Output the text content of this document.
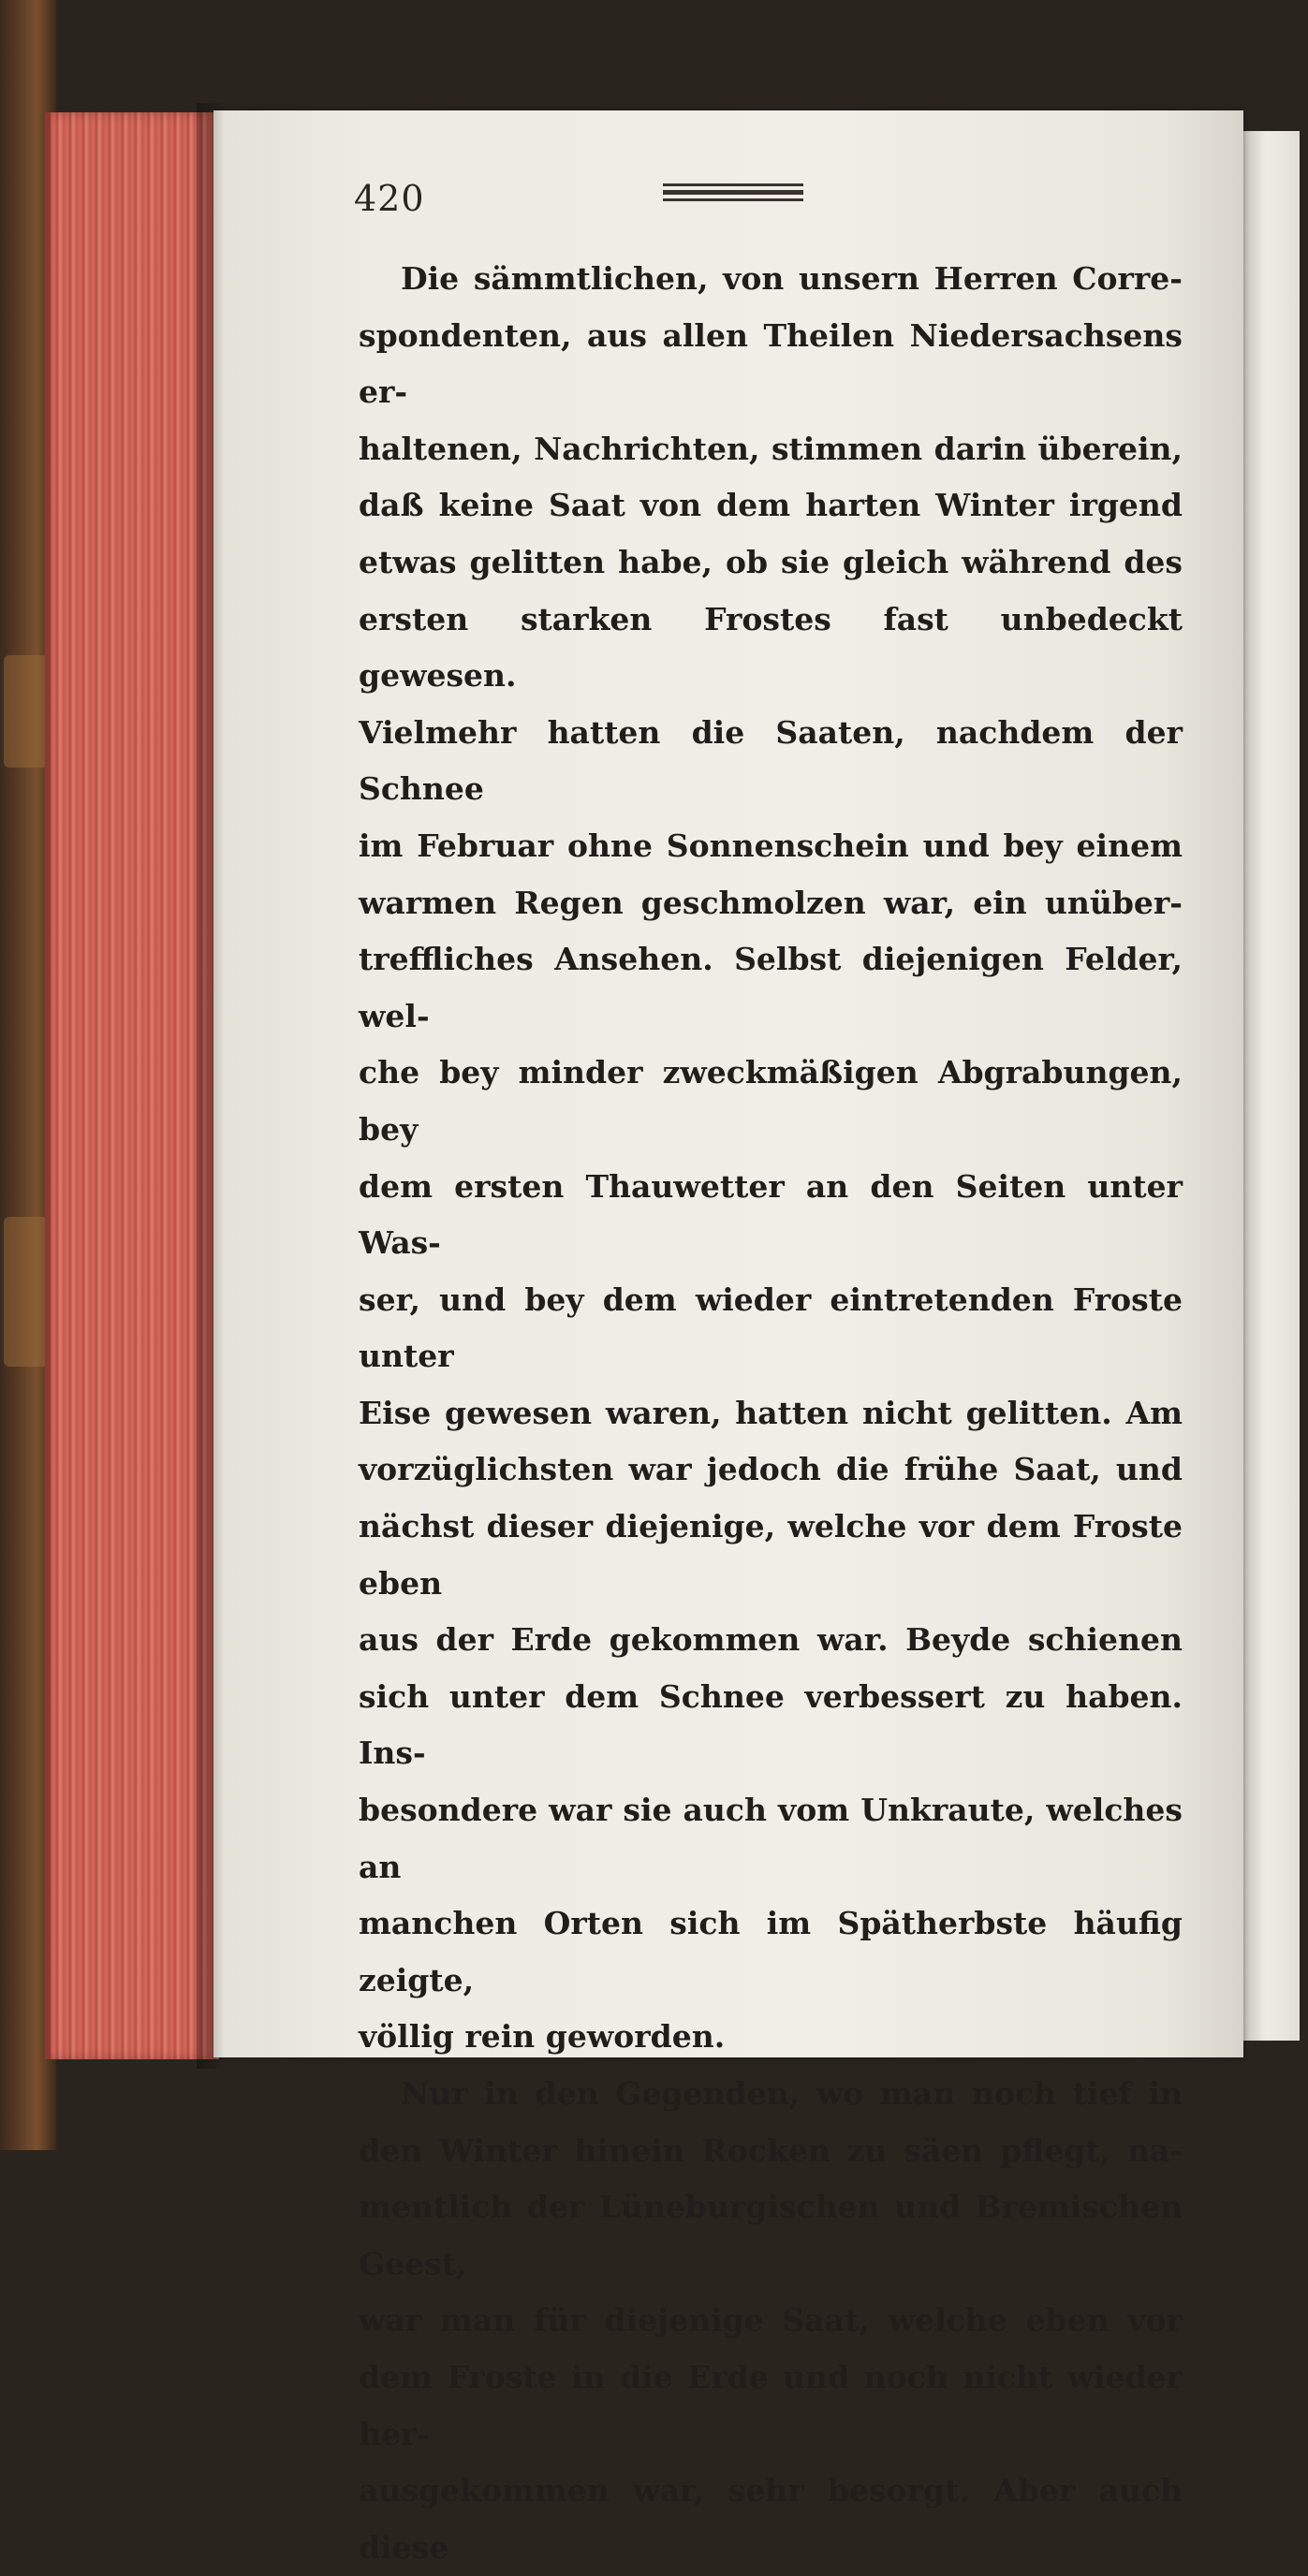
420
Die sämmtlichen, von unsern Herren Corre-
spondenten, aus allen Theilen Niedersachsens er-
haltenen, Nachrichten, stimmen darin überein,
daß keine Saat von dem harten Winter irgend
etwas gelitten habe, ob sie gleich während des
ersten starken Frostes fast unbedeckt gewesen.
Vielmehr hatten die Saaten, nachdem der Schnee
im Februar ohne Sonnenschein und bey einem
warmen Regen geschmolzen war, ein unüber-
treffliches Ansehen. Selbst diejenigen Felder, wel-
che bey minder zweckmäßigen Abgrabungen, bey
dem ersten Thauwetter an den Seiten unter Was-
ser, und bey dem wieder eintretenden Froste unter
Eise gewesen waren, hatten nicht gelitten. Am
vorzüglichsten war jedoch die frühe Saat, und
nächst dieser diejenige, welche vor dem Froste eben
aus der Erde gekommen war. Beyde schienen
sich unter dem Schnee verbessert zu haben. Ins-
besondere war sie auch vom Unkraute, welches an
manchen Orten sich im Spätherbste häufig zeigte,
völlig rein geworden.
Nur in den Gegenden, wo man noch tief in
den Winter hinein Rocken zu säen pflegt, na-
mentlich der Lüneburgischen und Bremischen Geest,
war man für diejenige Saat, welche eben vor
dem Froste in die Erde und noch nicht wieder her-
ausgekommen war, sehr besorgt. Aber auch diese
